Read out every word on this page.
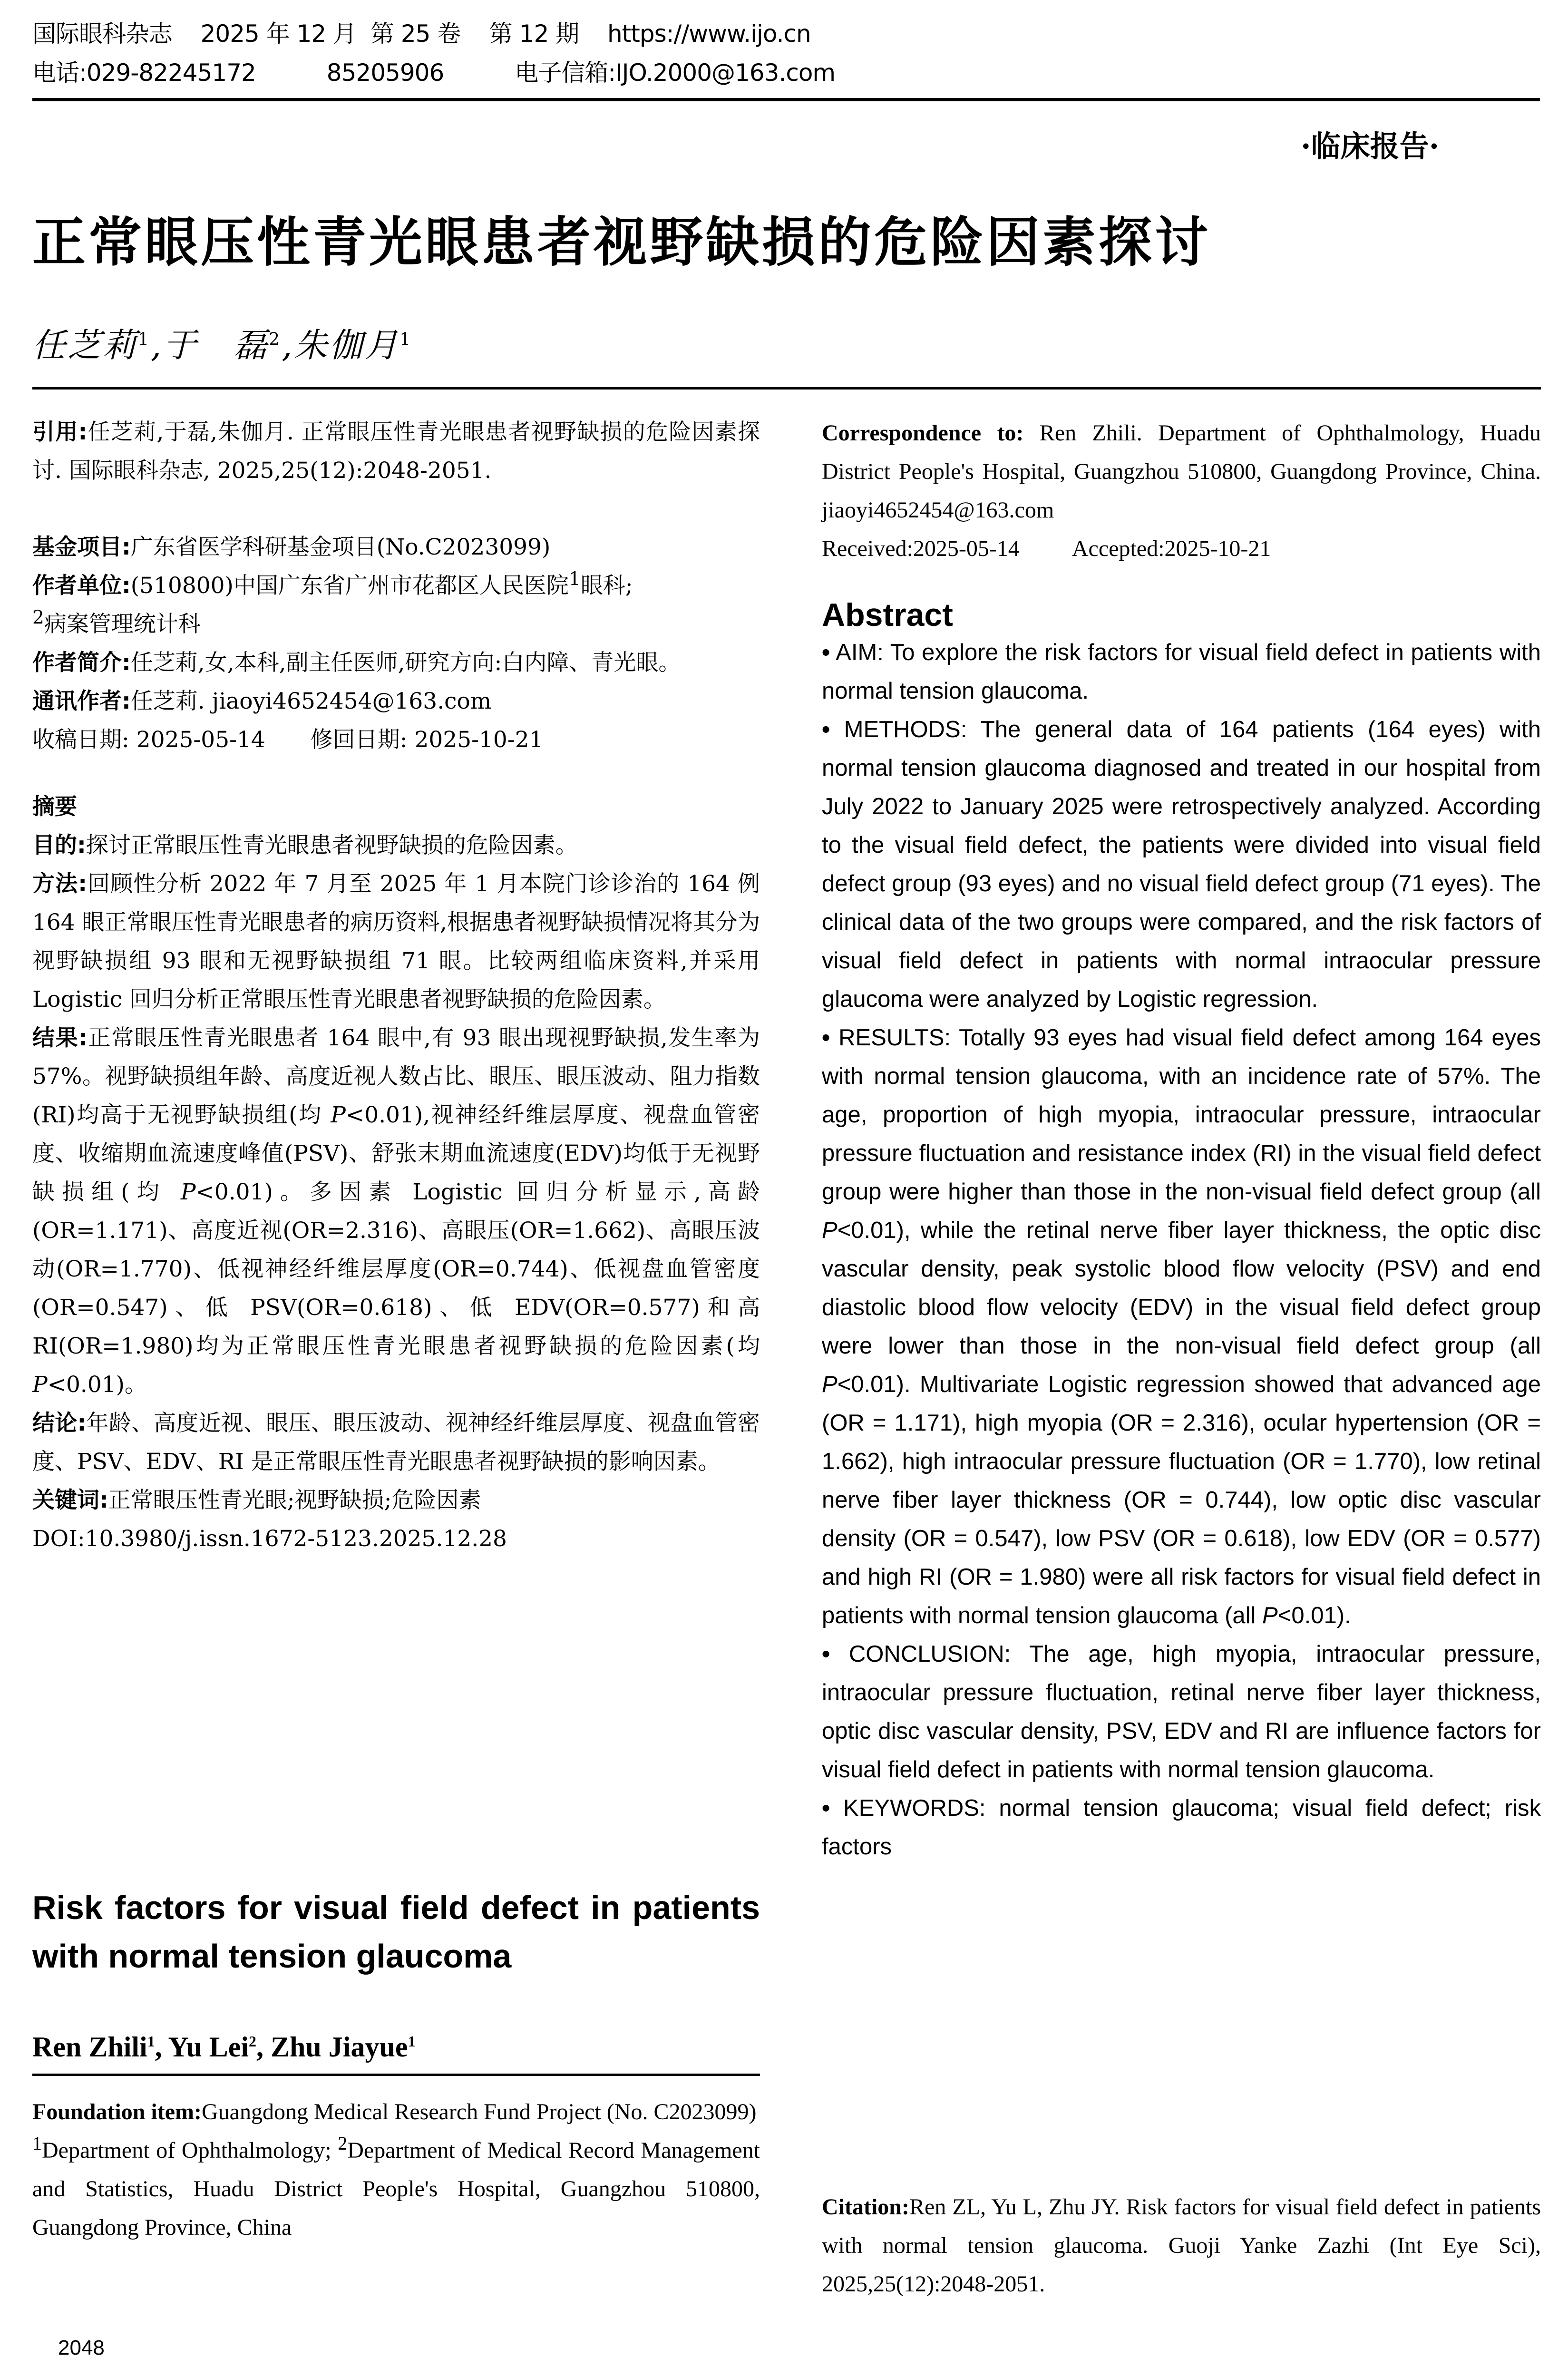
国际眼科杂志 2025 年 12 月 第 25 卷 第 12 期 https://www.ijo.cn
电话:029-82245172	85205906	电子信箱:IJO.2000@163.com
·临床报告·
正常眼压性青光眼患者视野缺损的危险因素探讨
任芝莉$^1$,于　磊$^2$,朱伽月$^1$

引用:任芝莉,于磊,朱伽月. 正常眼压性青光眼患者视野缺损的危险因素探讨. 国际眼科杂志, 2025,25(12):2048-2051.

基金项目:广东省医学科研基金项目(No.C2023099)

作者单位:(510800)中国广东省广州市花都区人民医院$^1$眼科;
$^2$病案管理统计科

作者简介:任芝莉,女,本科,副主任医师,研究方向:白内障、青光眼。

通讯作者:任芝莉. jiaoyi4652454@163.com

收稿日期: 2025-05-14 修回日期: 2025-10-21

摘要

目的:探讨正常眼压性青光眼患者视野缺损的危险因素。

方法:回顾性分析 2022 年 7 月至 2025 年 1 月本院门诊诊治的 164 例 164 眼正常眼压性青光眼患者的病历资料,根据患者视野缺损情况将其分为视野缺损组 93 眼和无视野缺损组 71 眼。比较两组临床资料,并采用 Logistic 回归分析正常眼压性青光眼患者视野缺损的危险因素。

结果:正常眼压性青光眼患者 164 眼中,有 93 眼出现视野缺损,发生率为 57%。视野缺损组年龄、高度近视人数占比、眼压、眼压波动、阻力指数(RI)均高于无视野缺损组(均 P<0.01),视神经纤维层厚度、视盘血管密度、收缩期血流速度峰值(PSV)、舒张末期血流速度(EDV)均低于无视野缺损组(均 P<0.01)。多因素 Logistic 回归分析显示,高龄(OR=1.171)、高度近视(OR=2.316)、高眼压(OR=1.662)、高眼压波动(OR=1.770)、低视神经纤维层厚度(OR=0.744)、低视盘血管密度(OR=0.547)、低 PSV(OR=0.618)、低 EDV(OR=0.577)和高 RI(OR=1.980)均为正常眼压性青光眼患者视野缺损的危险因素(均 P<0.01)。

结论:年龄、高度近视、眼压、眼压波动、视神经纤维层厚度、视盘血管密度、PSV、EDV、RI 是正常眼压性青光眼患者视野缺损的影响因素。

关键词:正常眼压性青光眼;视野缺损;危险因素

DOI:10.3980/j.issn.1672-5123.2025.12.28

Risk factors for visual field defect in patients with normal tension glaucoma

Ren Zhili$^1$, Yu Lei$^2$, Zhu Jiayue$^1$

Foundation item:Guangdong Medical Research Fund Project (No. C2023099)

$^1$Department of Ophthalmology; $^2$Department of Medical Record Management and Statistics, Huadu District People's Hospital, Guangzhou 510800, Guangdong Province, China

2048

Correspondence to: Ren Zhili. Department of Ophthalmology, Huadu District People's Hospital, Guangzhou 510800, Guangdong Province, China. jiaoyi4652454@163.com

Received:2025-05-14 Accepted:2025-10-21

Abstract

• AIM: To explore the risk factors for visual field defect in patients with normal tension glaucoma.

• METHODS: The general data of 164 patients (164 eyes) with normal tension glaucoma diagnosed and treated in our hospital from July 2022 to January 2025 were retrospectively analyzed. According to the visual field defect, the patients were divided into visual field defect group (93 eyes) and no visual field defect group (71 eyes). The clinical data of the two groups were compared, and the risk factors of visual field defect in patients with normal intraocular pressure glaucoma were analyzed by Logistic regression.

• RESULTS: Totally 93 eyes had visual field defect among 164 eyes with normal tension glaucoma, with an incidence rate of 57%. The age, proportion of high myopia, intraocular pressure, intraocular pressure fluctuation and resistance index (RI) in the visual field defect group were higher than those in the non-visual field defect group (all P<0.01), while the retinal nerve fiber layer thickness, the optic disc vascular density, peak systolic blood flow velocity (PSV) and end diastolic blood flow velocity (EDV) in the visual field defect group were lower than those in the non-visual field defect group (all P<0.01). Multivariate Logistic regression showed that advanced age (OR = 1.171), high myopia (OR = 2.316), ocular hypertension (OR = 1.662), high intraocular pressure fluctuation (OR = 1.770), low retinal nerve fiber layer thickness (OR = 0.744), low optic disc vascular density (OR = 0.547), low PSV (OR = 0.618), low EDV (OR = 0.577) and high RI (OR = 1.980) were all risk factors for visual field defect in patients with normal tension glaucoma (all P<0.01).

• CONCLUSION: The age, high myopia, intraocular pressure, intraocular pressure fluctuation, retinal nerve fiber layer thickness, optic disc vascular density, PSV, EDV and RI are influence factors for visual field defect in patients with normal tension glaucoma.

• KEYWORDS: normal tension glaucoma; visual field defect; risk factors

Citation:Ren ZL, Yu L, Zhu JY. Risk factors for visual field defect in patients with normal tension glaucoma. Guoji Yanke Zazhi (Int Eye Sci), 2025,25(12):2048-2051.
